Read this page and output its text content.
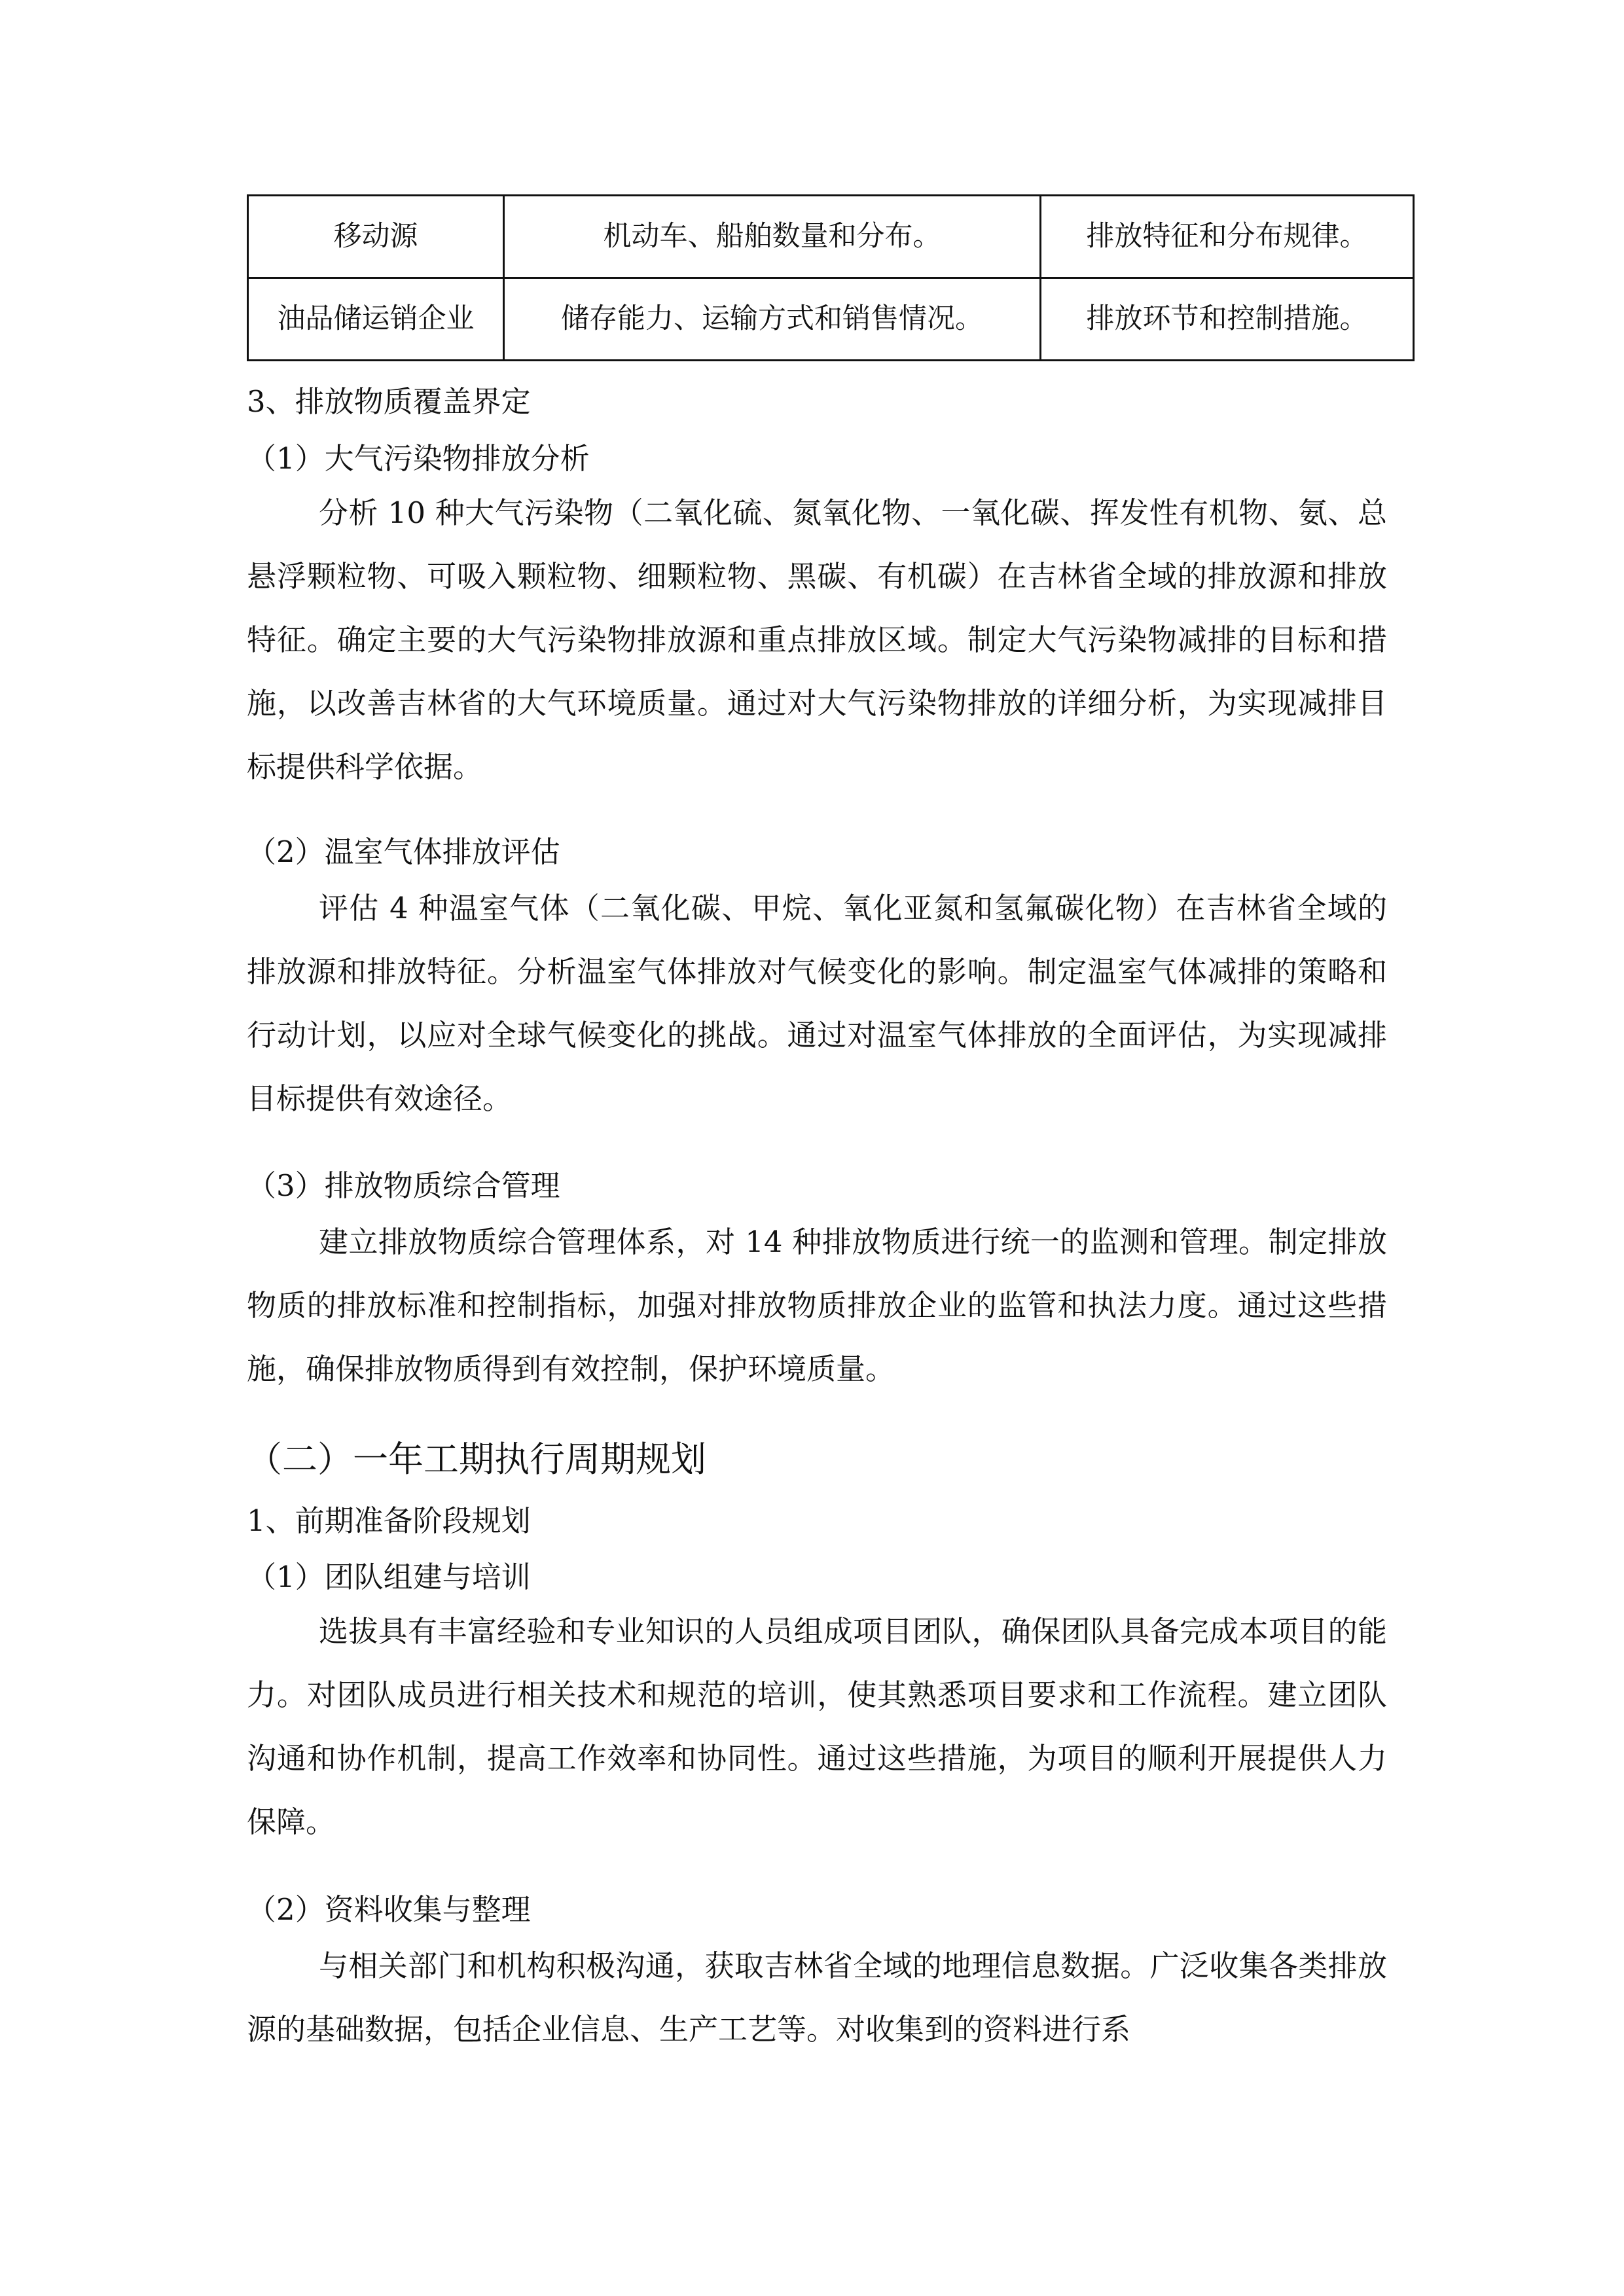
移动源	机动车、船舶数量和分布。	排放特征和分布规律。
油品储运销企业	储存能力、运输方式和销售情况。	排放环节和控制措施。
3、排放物质覆盖界定
（1）大气污染物排放分析
分析 10 种大气污染物（二氧化硫、氮氧化物、一氧化碳、挥发性有机物、氨、总悬浮颗粒物、可吸入颗粒物、细颗粒物、黑碳、有机碳）在吉林省全域的排放源和排放特征。确定主要的大气污染物排放源和重点排放区域。制定大气污染物减排的目标和措施，以改善吉林省的大气环境质量。通过对大气污染物排放的详细分析，为实现减排目标提供科学依据。
（2）温室气体排放评估
评估 4 种温室气体（二氧化碳、甲烷、氧化亚氮和氢氟碳化物）在吉林省全域的排放源和排放特征。分析温室气体排放对气候变化的影响。制定温室气体减排的策略和行动计划，以应对全球气候变化的挑战。通过对温室气体排放的全面评估，为实现减排目标提供有效途径。
（3）排放物质综合管理
建立排放物质综合管理体系，对 14 种排放物质进行统一的监测和管理。制定排放物质的排放标准和控制指标，加强对排放物质排放企业的监管和执法力度。通过这些措施，确保排放物质得到有效控制，保护环境质量。
（二）一年工期执行周期规划
1、前期准备阶段规划
（1）团队组建与培训
选拔具有丰富经验和专业知识的人员组成项目团队，确保团队具备完成本项目的能力。对团队成员进行相关技术和规范的培训，使其熟悉项目要求和工作流程。建立团队沟通和协作机制，提高工作效率和协同性。通过这些措施，为项目的顺利开展提供人力保障。
（2）资料收集与整理
与相关部门和机构积极沟通，获取吉林省全域的地理信息数据。广泛收集各类排放源的基础数据，包括企业信息、生产工艺等。对收集到的资料进行系
